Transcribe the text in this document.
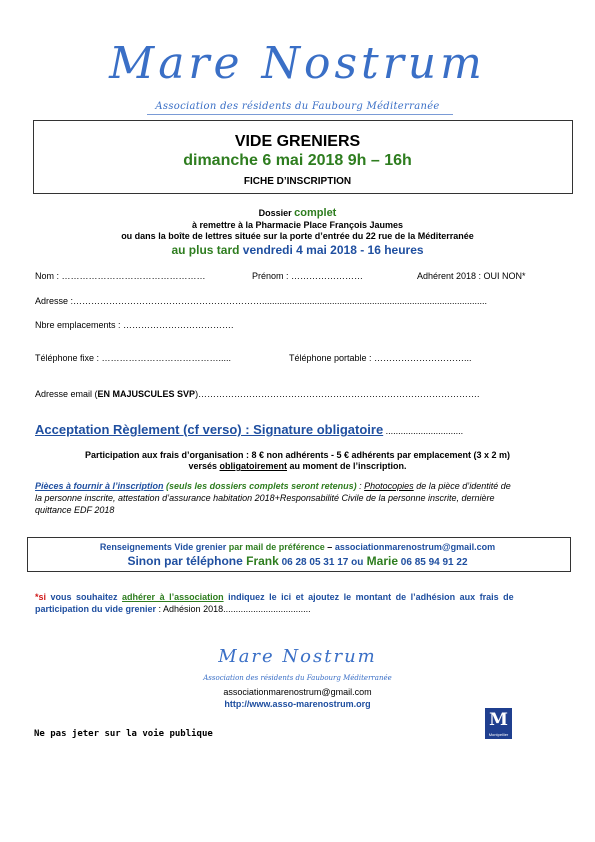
Mare Nostrum
Association des résidents du Faubourg Méditerranée
VIDE GRENIERS
dimanche 6 mai 2018 9h – 16h
FICHE D’INSCRIPTION
Dossier complet
à remettre à la Pharmacie Place François Jaumes
ou dans la boîte de lettres située sur la porte d’entrée du 22 rue de la Méditerranée
au plus tard vendredi 4 mai 2018 - 16 heures
Nom : …………………………………………	Prénom : ……………………	Adhérent 2018 : OUI NON*
Adresse :………………………………………………………..........................................................................................
Nbre emplacements : ……………………………….
Téléphone fixe : ………………………………….....	Téléphone portable : …………………………...
Adresse email (EN MAJUSCULES SVP)………………………………………………………………………………….
Acceptation Règlement (cf verso) : Signature obligatoire ...............................
Participation aux frais d’organisation : 8 € non adhérents - 5 € adhérents par emplacement (3 x 2 m)
versés obligatoirement au moment de l’inscription.
Pièces à fournir à l’inscription (seuls les dossiers complets seront retenus) : Photocopies de la pièce d’identité de
la personne inscrite, attestation d’assurance habitation 2018+Responsabilité Civile de la personne inscrite, dernière
quittance EDF 2018
Renseignements Vide grenier par mail de préférence – associationmarenostrum@gmail.com
Sinon par téléphone Frank 06 28 05 31 17 ou Marie 06 85 94 91 22
*si vous souhaitez adhérer à l’association indiquez le ici et ajoutez le montant de l’adhésion aux frais de
participation du vide grenier : Adhésion 2018...................................
Mare Nostrum
Association des résidents du Faubourg Méditerranée
associationmarenostrum@gmail.com
http://www.asso-marenostrum.org
Ne pas jeter sur la voie publique
M
Montpellier
